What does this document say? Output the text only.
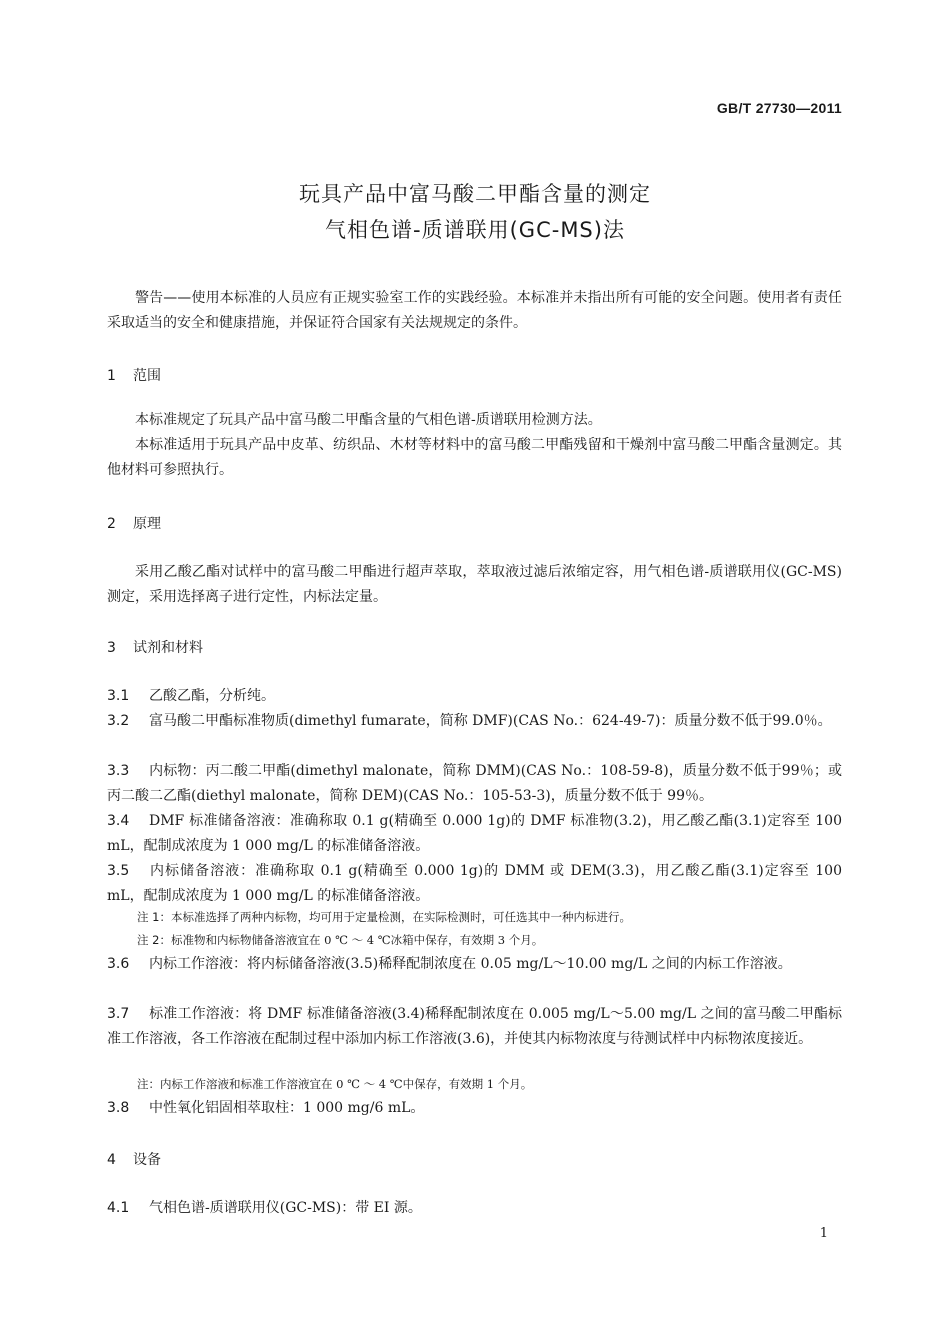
GB/T 27730—2011
玩具产品中富马酸二甲酯含量的测定
气相色谱-质谱联用(GC-MS)法

警告——使用本标准的人员应有正规实验室工作的实践经验。本标准并未指出所有可能的安全问题。使用者有责任采取适当的安全和健康措施，并保证符合国家有关法规规定的条件。

1 范围

本标准规定了玩具产品中富马酸二甲酯含量的气相色谱-质谱联用检测方法。

本标准适用于玩具产品中皮革、纺织品、木材等材料中的富马酸二甲酯残留和干燥剂中富马酸二甲酯含量测定。其他材料可参照执行。

2 原理

采用乙酸乙酯对试样中的富马酸二甲酯进行超声萃取，萃取液过滤后浓缩定容，用气相色谱-质谱联用仪(GC-MS)测定，采用选择离子进行定性，内标法定量。

3 试剂和材料

3.1 乙酸乙酯，分析纯。

3.2 富马酸二甲酯标准物质(dimethyl fumarate，简称 DMF)(CAS No.：624-49-7)：质量分数不低于99.0％。

3.3 内标物：丙二酸二甲酯(dimethyl malonate，简称 DMM)(CAS No.：108-59-8)，质量分数不低于99％；或丙二酸二乙酯(diethyl malonate，简称 DEM)(CAS No.：105-53-3)，质量分数不低于 99％。

3.4 DMF 标准储备溶液：准确称取 0.1 g(精确至 0.000 1g)的 DMF 标准物(3.2)，用乙酸乙酯(3.1)定容至 100 mL，配制成浓度为 1 000 mg/L 的标准储备溶液。

3.5 内标储备溶液：准确称取 0.1 g(精确至 0.000 1g)的 DMM 或 DEM(3.3)，用乙酸乙酯(3.1)定容至 100 mL，配制成浓度为 1 000 mg/L 的标准储备溶液。

注 1：本标准选择了两种内标物，均可用于定量检测，在实际检测时，可任选其中一种内标进行。

注 2：标准物和内标物储备溶液宜在 0 ℃ ～ 4 ℃冰箱中保存，有效期 3 个月。

3.6 内标工作溶液：将内标储备溶液(3.5)稀释配制浓度在 0.05 mg/L～10.00 mg/L 之间的内标工作溶液。

3.7 标准工作溶液：将 DMF 标准储备溶液(3.4)稀释配制浓度在 0.005 mg/L～5.00 mg/L 之间的富马酸二甲酯标准工作溶液，各工作溶液在配制过程中添加内标工作溶液(3.6)，并使其内标物浓度与待测试样中内标物浓度接近。

注：内标工作溶液和标准工作溶液宜在 0 ℃ ～ 4 ℃中保存，有效期 1 个月。

3.8 中性氧化铝固相萃取柱：1 000 mg/6 mL。

4 设备

4.1 气相色谱-质谱联用仪(GC-MS)：带 EI 源。

1
